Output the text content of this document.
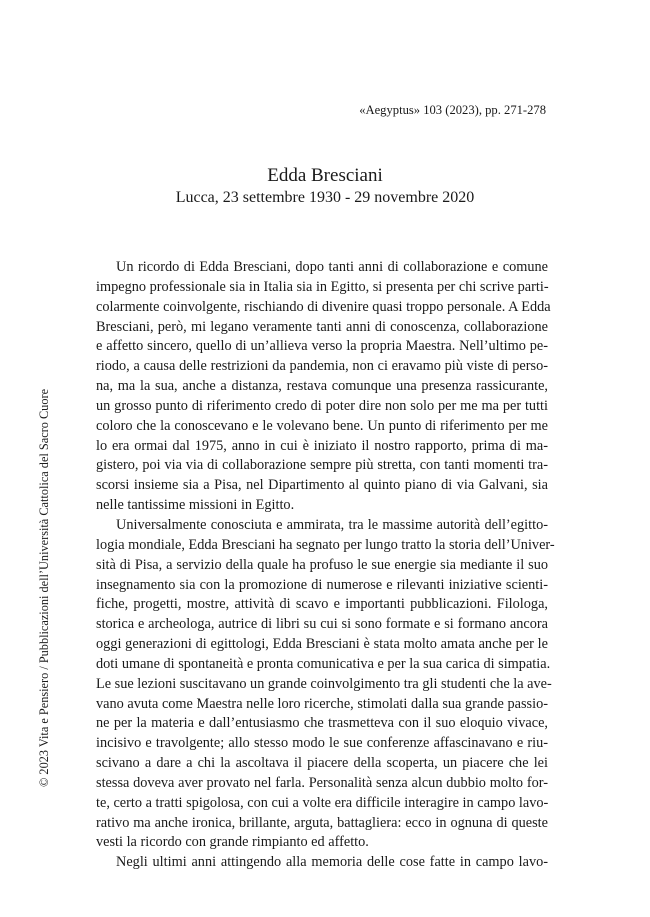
«Aegyptus» 103 (2023), pp. 271-278
Edda Bresciani
Lucca, 23 settembre 1930 - 29 novembre 2020
Un ricordo di Edda Bresciani, dopo tanti anni di collaborazione e comune
impegno professionale sia in Italia sia in Egitto, si presenta per chi scrive parti-
colarmente coinvolgente, rischiando di divenire quasi troppo personale. A Edda
Bresciani, però, mi legano veramente tanti anni di conoscenza, collaborazione
e affetto sincero, quello di un’allieva verso la propria Maestra. Nell’ultimo pe-
riodo, a causa delle restrizioni da pandemia, non ci eravamo più viste di perso-
na, ma la sua, anche a distanza, restava comunque una presenza rassicurante,
un grosso punto di riferimento credo di poter dire non solo per me ma per tutti
coloro che la conoscevano e le volevano bene. Un punto di riferimento per me
lo era ormai dal 1975, anno in cui è iniziato il nostro rapporto, prima di ma-
gistero, poi via via di collaborazione sempre più stretta, con tanti momenti tra-
scorsi insieme sia a Pisa, nel Dipartimento al quinto piano di via Galvani, sia
nelle tantissime missioni in Egitto.
Universalmente conosciuta e ammirata, tra le massime autorità dell’egitto-
logia mondiale, Edda Bresciani ha segnato per lungo tratto la storia dell’Univer-
sità di Pisa, a servizio della quale ha profuso le sue energie sia mediante il suo
insegnamento sia con la promozione di numerose e rilevanti iniziative scienti-
fiche, progetti, mostre, attività di scavo e importanti pubblicazioni. Filologa,
storica e archeologa, autrice di libri su cui si sono formate e si formano ancora
oggi generazioni di egittologi, Edda Bresciani è stata molto amata anche per le
doti umane di spontaneità e pronta comunicativa e per la sua carica di simpatia.
Le sue lezioni suscitavano un grande coinvolgimento tra gli studenti che la ave-
vano avuta come Maestra nelle loro ricerche, stimolati dalla sua grande passio-
ne per la materia e dall’entusiasmo che trasmetteva con il suo eloquio vivace,
incisivo e travolgente; allo stesso modo le sue conferenze affascinavano e riu-
scivano a dare a chi la ascoltava il piacere della scoperta, un piacere che lei
stessa doveva aver provato nel farla. Personalità senza alcun dubbio molto for-
te, certo a tratti spigolosa, con cui a volte era difficile interagire in campo lavo-
rativo ma anche ironica, brillante, arguta, battagliera: ecco in ognuna di queste
vesti la ricordo con grande rimpianto ed affetto.
Negli ultimi anni attingendo alla memoria delle cose fatte in campo lavo-
© 2023 Vita e Pensiero / Pubblicazioni dell’Università Cattolica del Sacro Cuore
